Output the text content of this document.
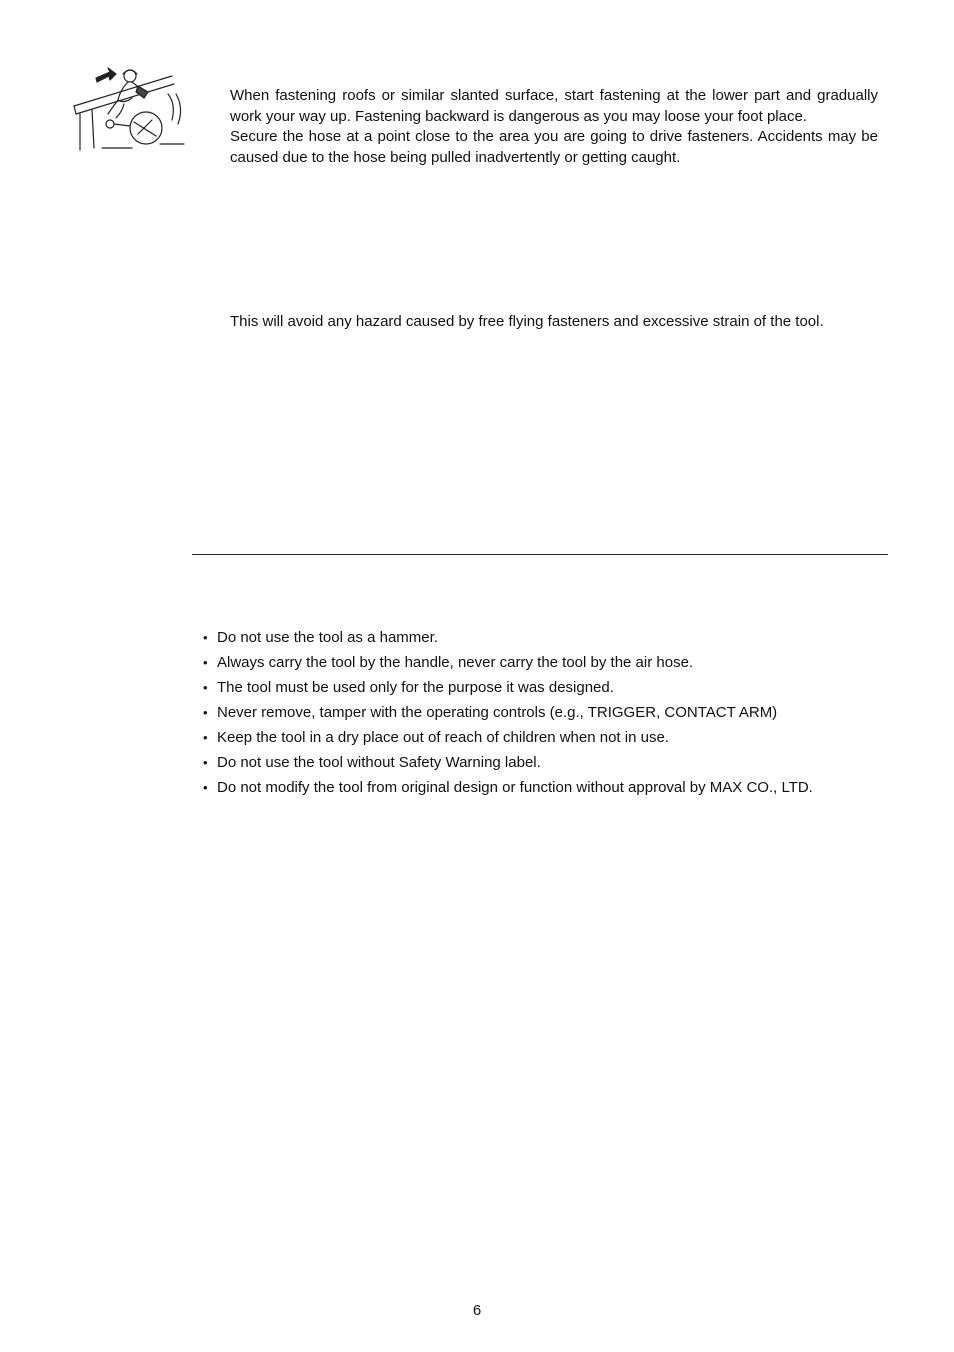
When fastening roofs or similar slanted surface, start fastening at the lower part and gradually work your way up. Fastening backward is dangerous as you may loose your foot place.

Secure the hose at a point close to the area you are going to drive fasteners. Accidents may be caused due to the hose being pulled inadvertently or getting caught.

This will avoid any hazard caused by free flying fasteners and excessive strain of the tool.

• Do not use the tool as a hammer.
• Always carry the tool by the handle, never carry the tool by the air hose.
• The tool must be used only for the purpose it was designed.
• Never remove, tamper with the operating controls (e.g., TRIGGER, CONTACT ARM)
• Keep the tool in a dry place out of reach of children when not in use.
• Do not use the tool without Safety Warning label.
• Do not modify the tool from original design or function without approval by MAX CO., LTD.
6
